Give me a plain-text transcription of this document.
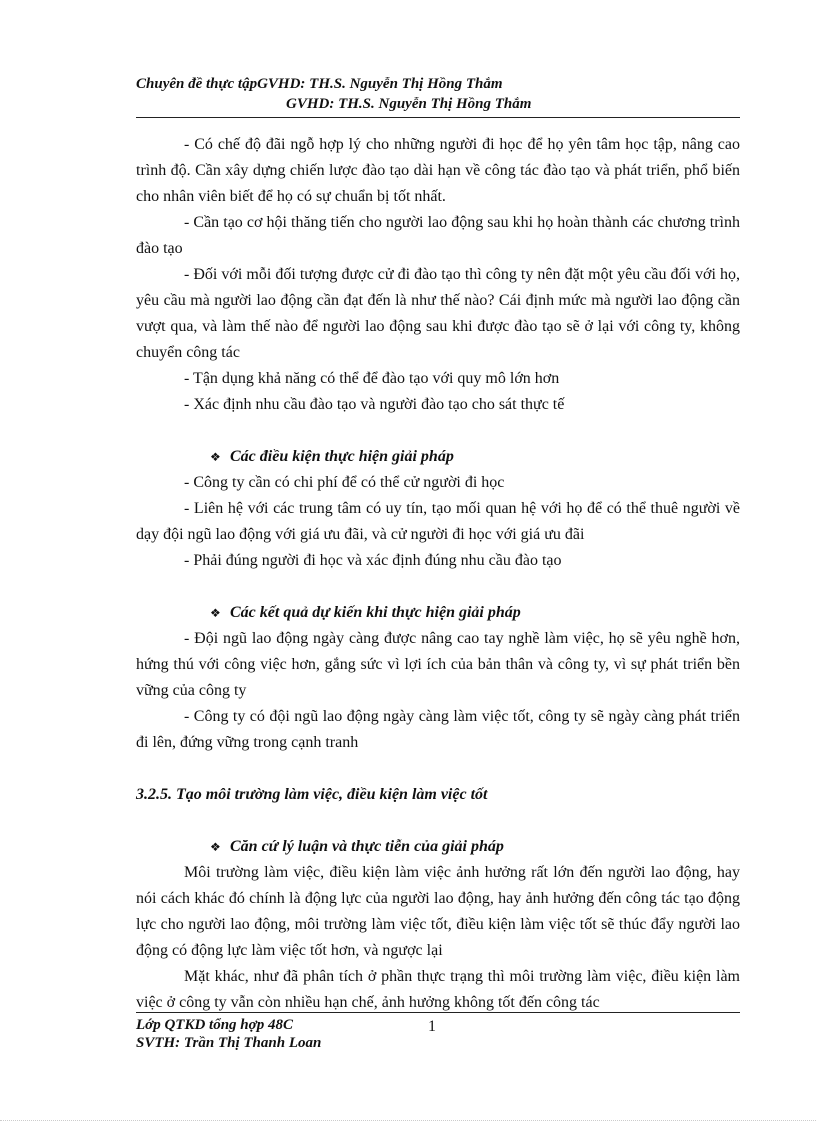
Chuyên đề thực tậpGVHD: TH.S. Nguyễn Thị Hồng Thắm
GVHD: TH.S. Nguyễn Thị Hồng Thắm

- Có chế độ đãi ngỗ hợp lý cho những người đi học để họ yên tâm học tập, nâng cao trình độ. Cần xây dựng chiến lược đào tạo dài hạn về công tác đào tạo và phát triển, phổ biến cho nhân viên biết để họ có sự chuẩn bị tốt nhất.

- Cần tạo cơ hội thăng tiến cho người lao động sau khi họ hoàn thành các chương trình đào tạo

- Đối với mỗi đối tượng được cử đi đào tạo thì công ty nên đặt một yêu cầu đối với họ, yêu cầu mà người lao động cần đạt đến là như thế nào? Cái định mức mà người lao động cần vượt qua, và làm thế nào để người lao động sau khi được đào tạo sẽ ở lại với công ty, không chuyển công tác

- Tận dụng khả năng có thể để đào tạo với quy mô lớn hơn

- Xác định nhu cầu đào tạo và người đào tạo cho sát thực tế

❖ Các điều kiện thực hiện giải pháp

- Công ty cần có chi phí để có thể cử người đi học

- Liên hệ với các trung tâm có uy tín, tạo mối quan hệ với họ để có thể thuê người về dạy đội ngũ lao động với giá ưu đãi, và cử người đi học với giá ưu đãi

- Phải đúng người đi học và xác định đúng nhu cầu đào tạo

❖ Các kết quả dự kiến khi thực hiện giải pháp

- Đội ngũ lao động ngày càng được nâng cao tay nghề làm việc, họ sẽ yêu nghề hơn, hứng thú với công việc hơn, gắng sức vì lợi ích của bản thân và công ty, vì sự phát triển bền vững của công ty

- Công ty có đội ngũ lao động ngày càng làm việc tốt, công ty sẽ ngày càng phát triển đi lên, đứng vững trong cạnh tranh

3.2.5. Tạo môi trường làm việc, điều kiện làm việc tốt

❖ Căn cứ lý luận và thực tiễn của giải pháp

Môi trường làm việc, điều kiện làm việc ảnh hưởng rất lớn đến người lao động, hay nói cách khác đó chính là động lực của người lao động, hay ảnh hưởng đến công tác tạo động lực cho người lao động, môi trường làm việc tốt, điều kiện làm việc tốt sẽ thúc đẩy người lao động có động lực làm việc tốt hơn, và ngược lại

Mặt khác, như đã phân tích ở phần thực trạng thì môi trường làm việc, điều kiện làm việc ở công ty vẫn còn nhiều hạn chế, ảnh hưởng không tốt đến công tác

Lớp QTKD tổng hợp 48C
SVTH: Trần Thị Thanh Loan
1
